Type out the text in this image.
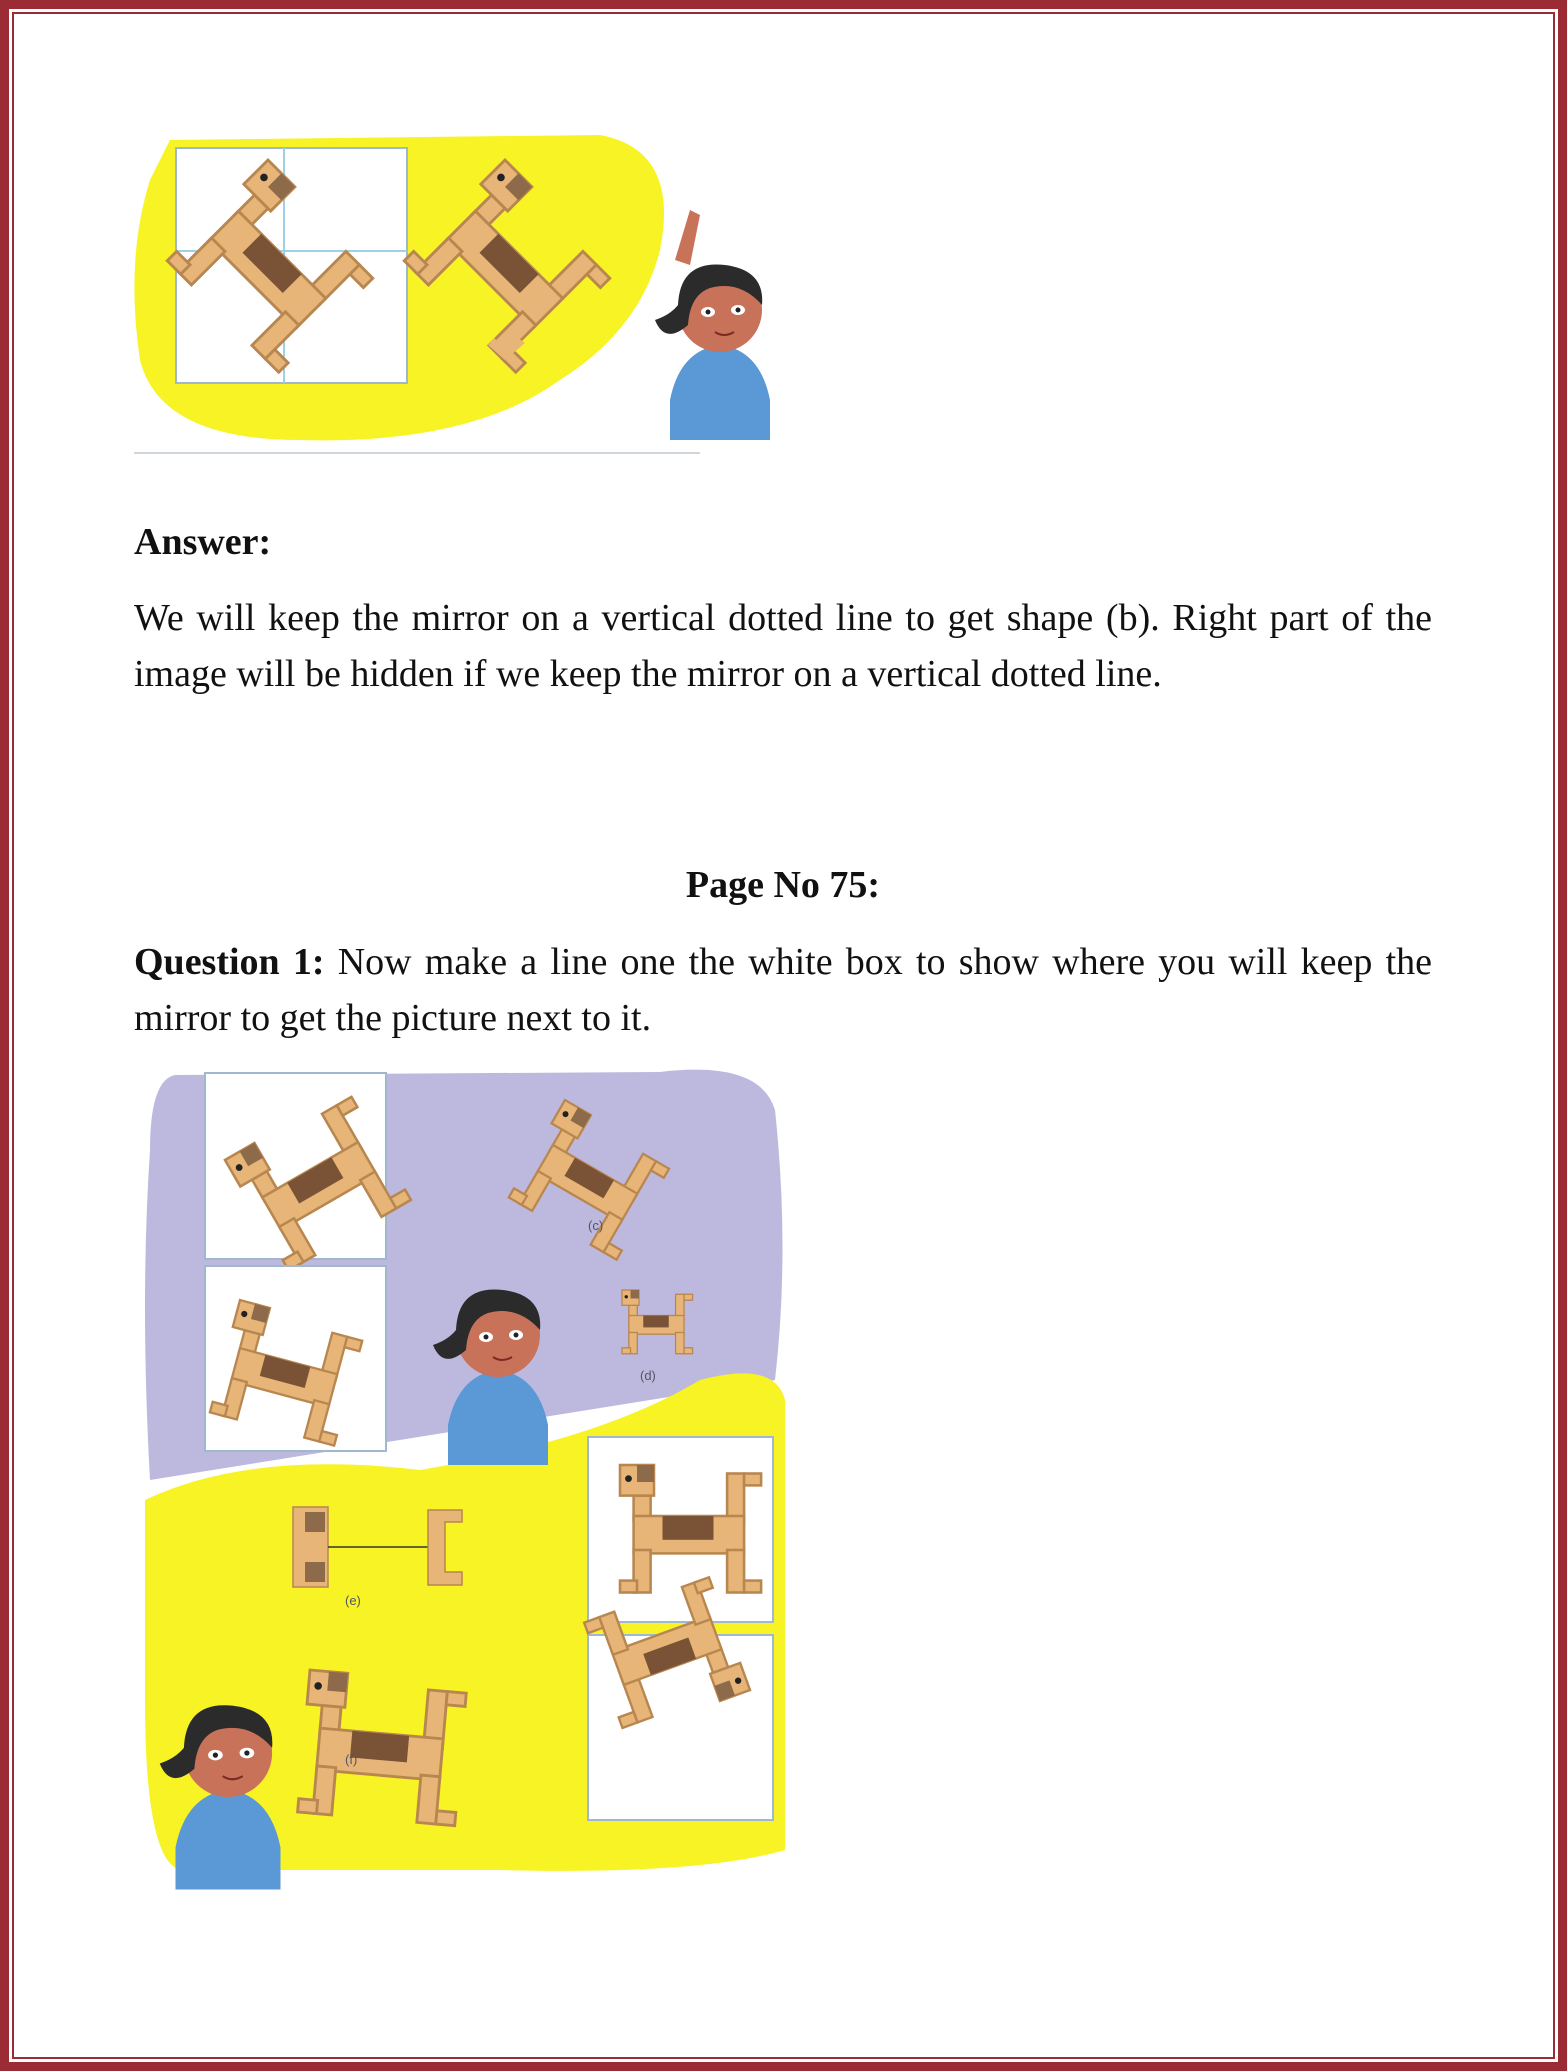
(c)
(d)
(e)
(f)
Answer:
We will keep the mirror on a vertical dotted line to get shape (b). Right part of the image will be hidden if we keep the mirror on a vertical dotted line.
Page No 75:
Question 1: Now make a line one the white box to show where you will keep the mirror to get the picture next to it.
